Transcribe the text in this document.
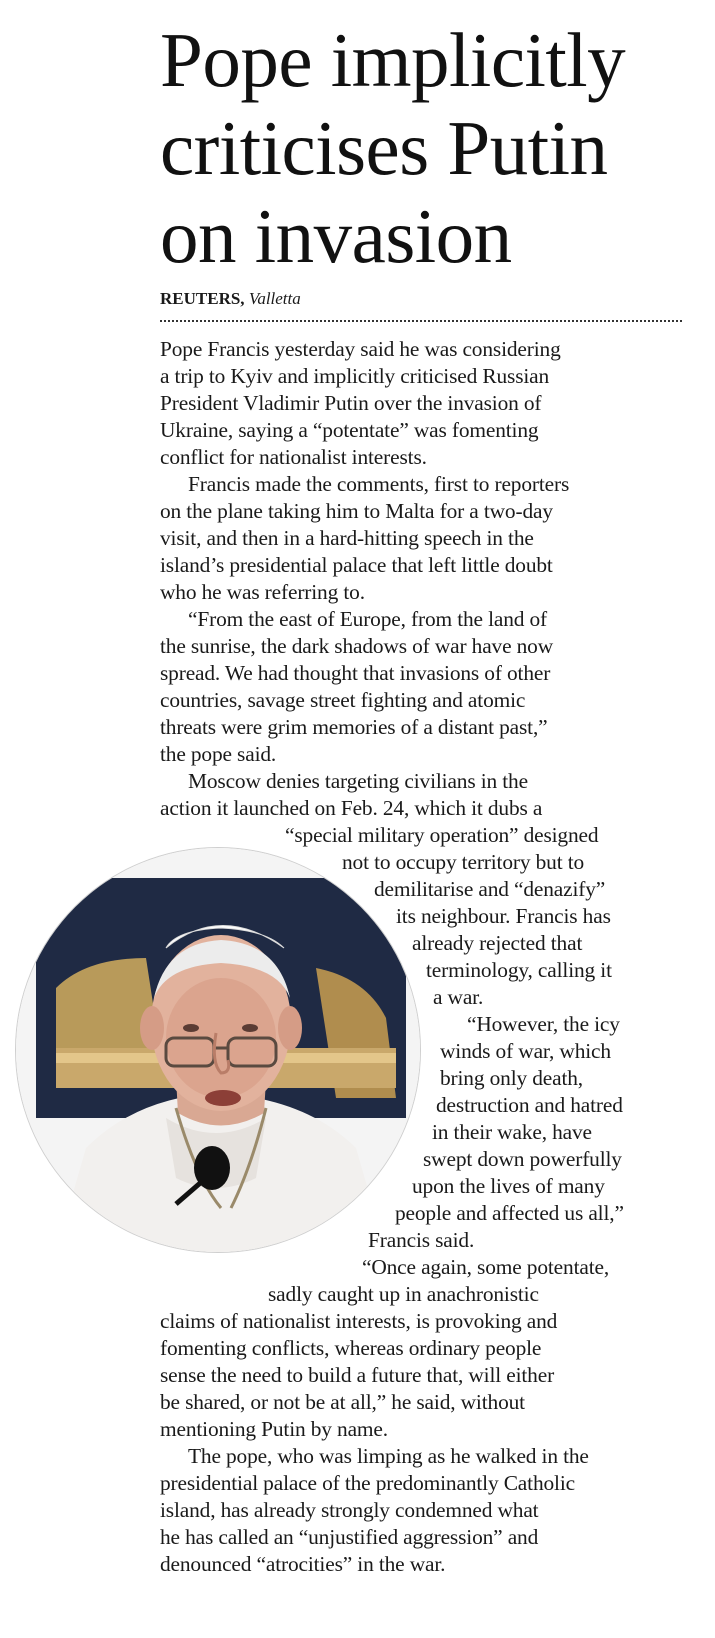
Pope implicitly criticises Putin on invasion
REUTERS, Valletta
Pope Francis yesterday said he was considering
a trip to Kyiv and implicitly criticised Russian
President Vladimir Putin over the invasion of
Ukraine, saying a “potentate” was fomenting
conflict for nationalist interests.
Francis made the comments, first to reporters
on the plane taking him to Malta for a two-day
visit, and then in a hard-hitting speech in the
island’s presidential palace that left little doubt
who he was referring to.
“From the east of Europe, from the land of
the sunrise, the dark shadows of war have now
spread. We had thought that invasions of other
countries, savage street fighting and atomic
threats were grim memories of a distant past,”
the pope said.
Moscow denies targeting civilians in the
action it launched on Feb. 24, which it dubs a
“special military operation” designed
not to occupy territory but to
demilitarise and “denazify”
its neighbour. Francis has
already rejected that
terminology, calling it
a war.
“However, the icy
winds of war, which
bring only death,
destruction and hatred
in their wake, have
swept down powerfully
upon the lives of many
people and affected us all,”
Francis said.
“Once again, some potentate,
sadly caught up in anachronistic
claims of nationalist interests, is provoking and
fomenting conflicts, whereas ordinary people
sense the need to build a future that, will either
be shared, or not be at all,” he said, without
mentioning Putin by name.
The pope, who was limping as he walked in the
presidential palace of the predominantly Catholic
island, has already strongly condemned what
he has called an “unjustified aggression” and
denounced “atrocities” in the war.
